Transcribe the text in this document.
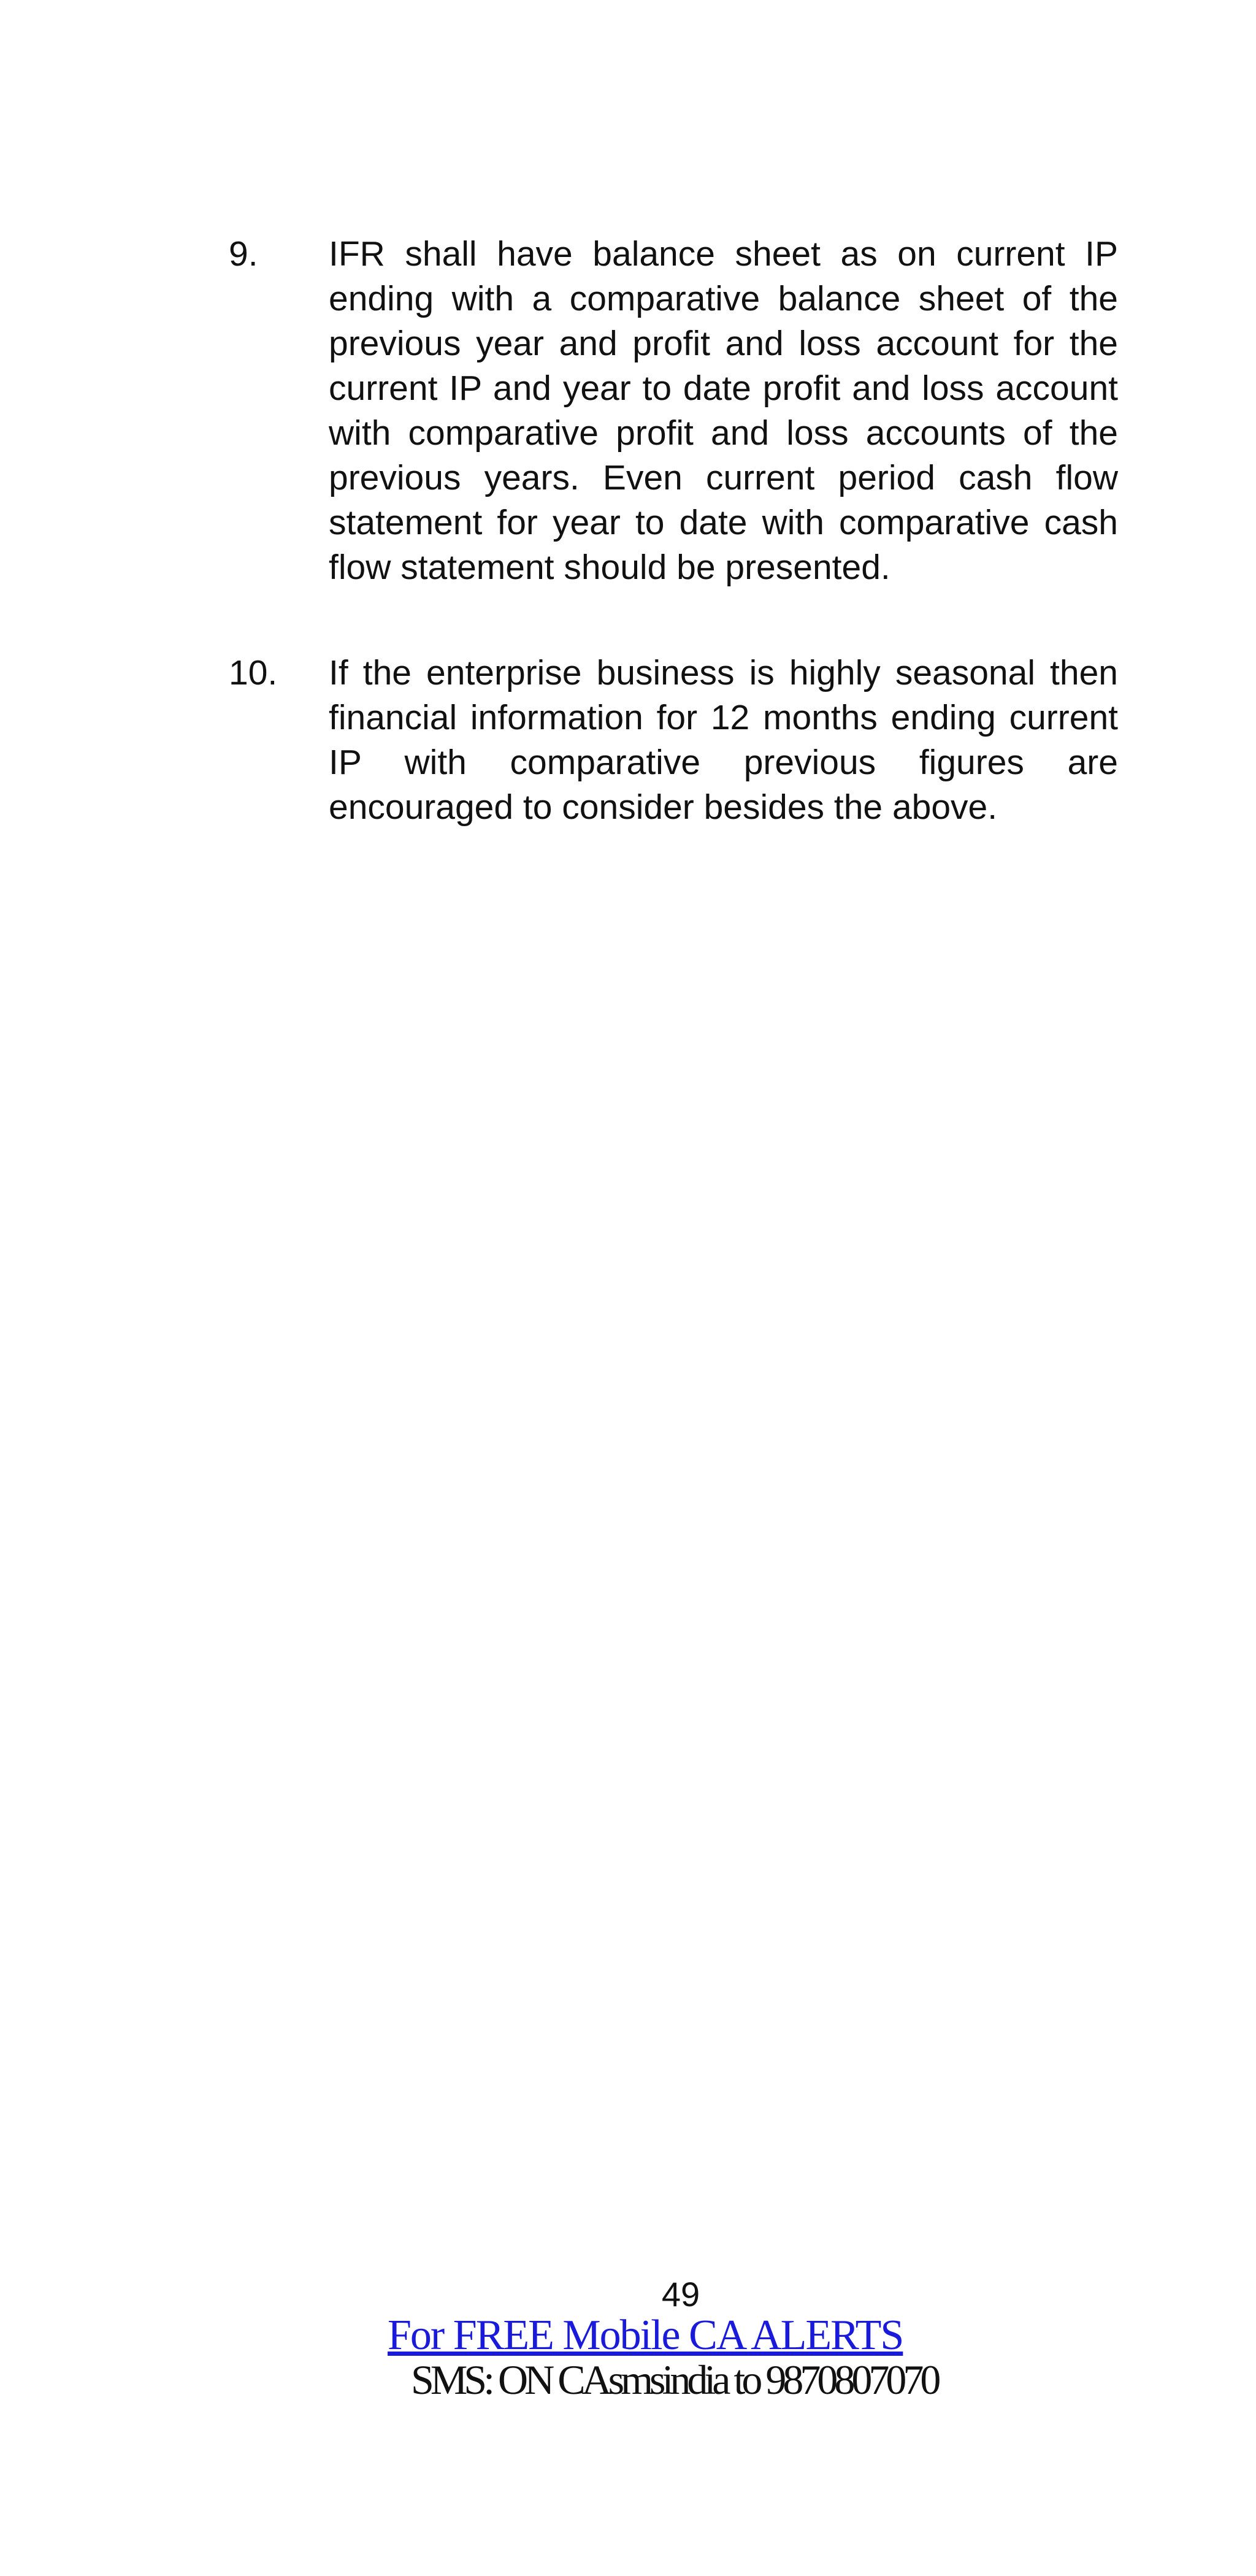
9.	IFR shall have balance sheet as on current IP ending with a comparative balance sheet of the previous year and profit and loss account for the current IP and year to date profit and loss account with comparative profit and loss accounts of the previous years. Even current period cash flow statement for year to date with comparative cash flow statement should be presented.
10.	If the enterprise business is highly seasonal then financial information for 12 months ending current IP with comparative previous figures are encouraged to consider besides the above.
49
For FREE Mobile CA ALERTS
SMS: ON CAsmsindia to 9870807070
